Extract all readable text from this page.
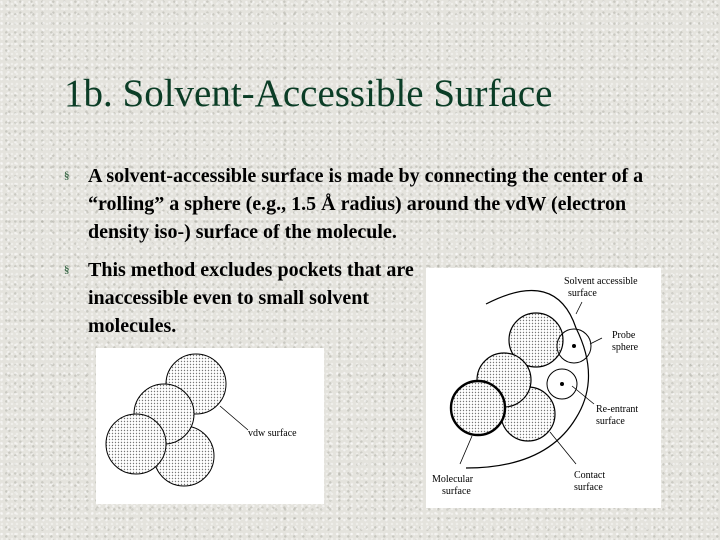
1b. Solvent-Accessible Surface
§ A solvent-accessible surface is made by connecting the center of a “rolling” a sphere (e.g., 1.5 Å radius) around the vdW (electron density iso-) surface of the molecule.
§ This method excludes pockets that are inaccessible even to small solvent molecules.
vdw surface
Solvent accessible surface
Probe sphere
Re-entrant surface
Molecular surface
Contact surface
